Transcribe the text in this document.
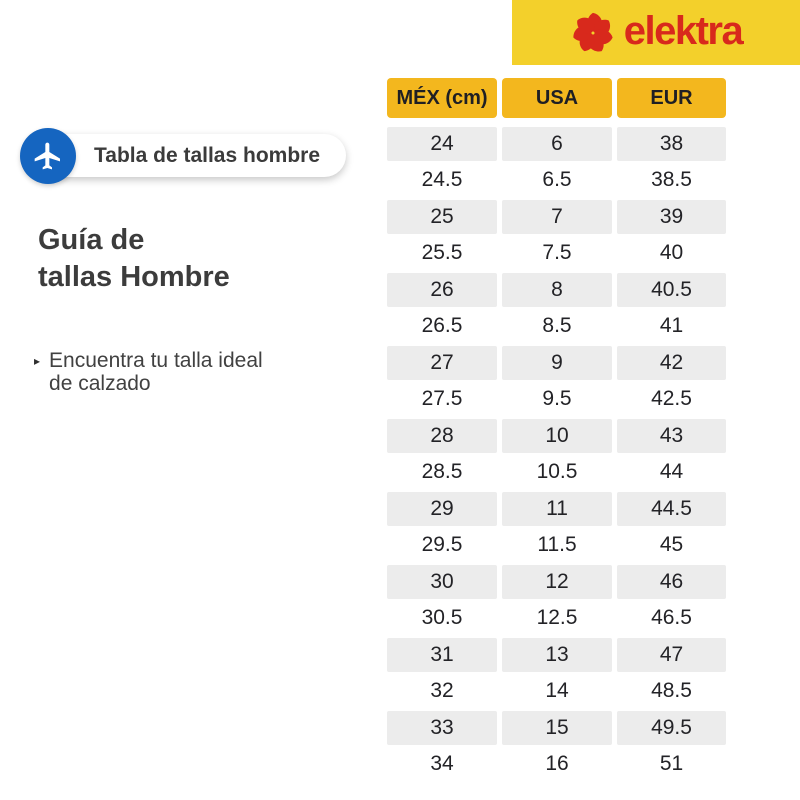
elektra
Tabla de tallas hombre
Guía de
tallas Hombre
▸ Encuentra tu talla ideal de calzado
MÉX (cm)	USA	EUR
24	6	38
24.5	6.5	38.5
25	7	39
25.5	7.5	40
26	8	40.5
26.5	8.5	41
27	9	42
27.5	9.5	42.5
28	10	43
28.5	10.5	44
29	11	44.5
29.5	11.5	45
30	12	46
30.5	12.5	46.5
31	13	47
32	14	48.5
33	15	49.5
34	16	51
